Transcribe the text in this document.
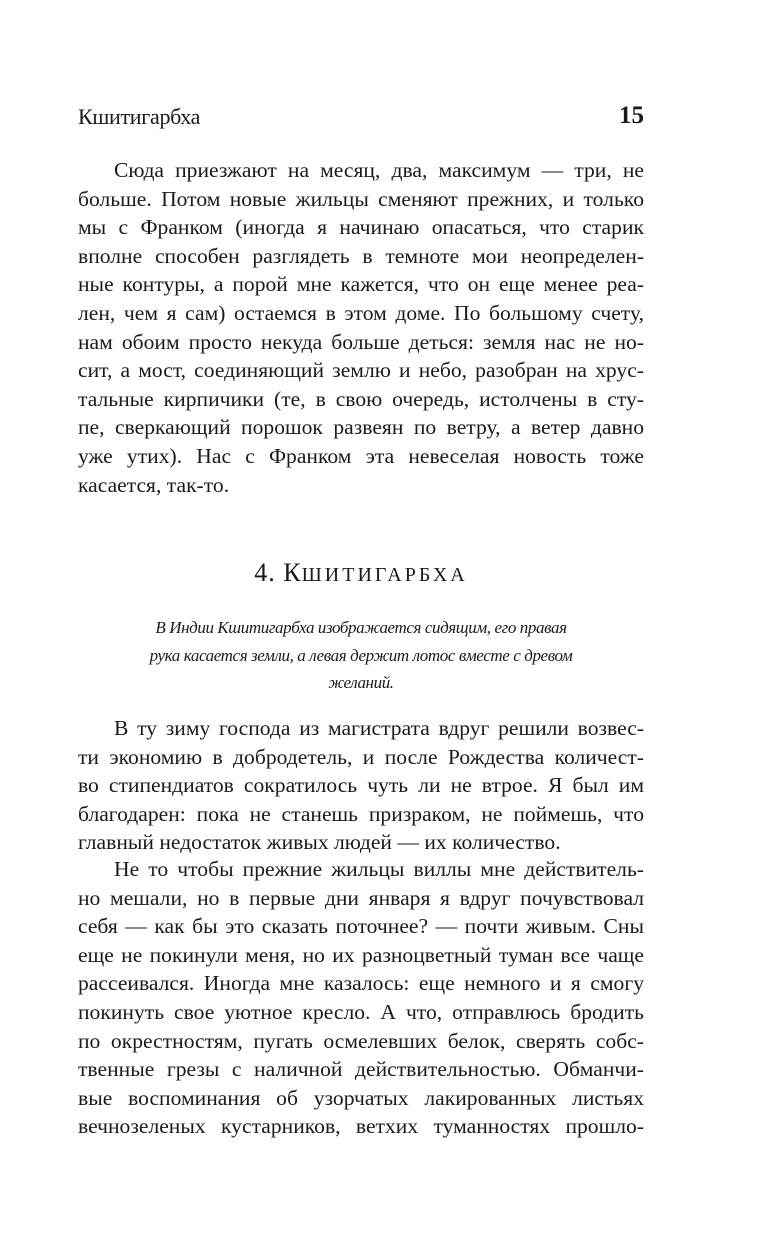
Кшитигарбха	15
Сюда приезжают на месяц, два, максимум — три, не
больше. Потом новые жильцы сменяют прежних, и только
мы с Франком (иногда я начинаю опасаться, что старик
вполне способен разглядеть в темноте мои неопределен-
ные контуры, а порой мне кажется, что он еще менее реа-
лен, чем я сам) остаемся в этом доме. По большому счету,
нам обоим просто некуда больше деться: земля нас не но-
сит, а мост, соединяющий землю и небо, разобран на хрус-
тальные кирпичики (те, в свою очередь, истолчены в сту-
пе, сверкающий порошок развеян по ветру, а ветер давно
уже утих). Нас с Франком эта невеселая новость тоже
касается, так-то.
4. КШИТИГАРБХА
В Индии Кшитигарбха изображается сидящим, его правая
рука касается земли, а левая держит лотос вместе с древом
желаний.
В ту зиму господа из магистрата вдруг решили возвес-
ти экономию в добродетель, и после Рождества количест-
во стипендиатов сократилось чуть ли не втрое. Я был им
благодарен: пока не станешь призраком, не поймешь, что
главный недостаток живых людей — их количество.
Не то чтобы прежние жильцы виллы мне действитель-
но мешали, но в первые дни января я вдруг почувствовал
себя — как бы это сказать поточнее? — почти живым. Сны
еще не покинули меня, но их разноцветный туман все чаще
рассеивался. Иногда мне казалось: еще немного и я смогу
покинуть свое уютное кресло. А что, отправлюсь бродить
по окрестностям, пугать осмелевших белок, сверять собс-
твенные грезы с наличной действительностью. Обманчи-
вые воспоминания об узорчатых лакированных листьях
вечнозеленых кустарников, ветхих туманностях прошло-
